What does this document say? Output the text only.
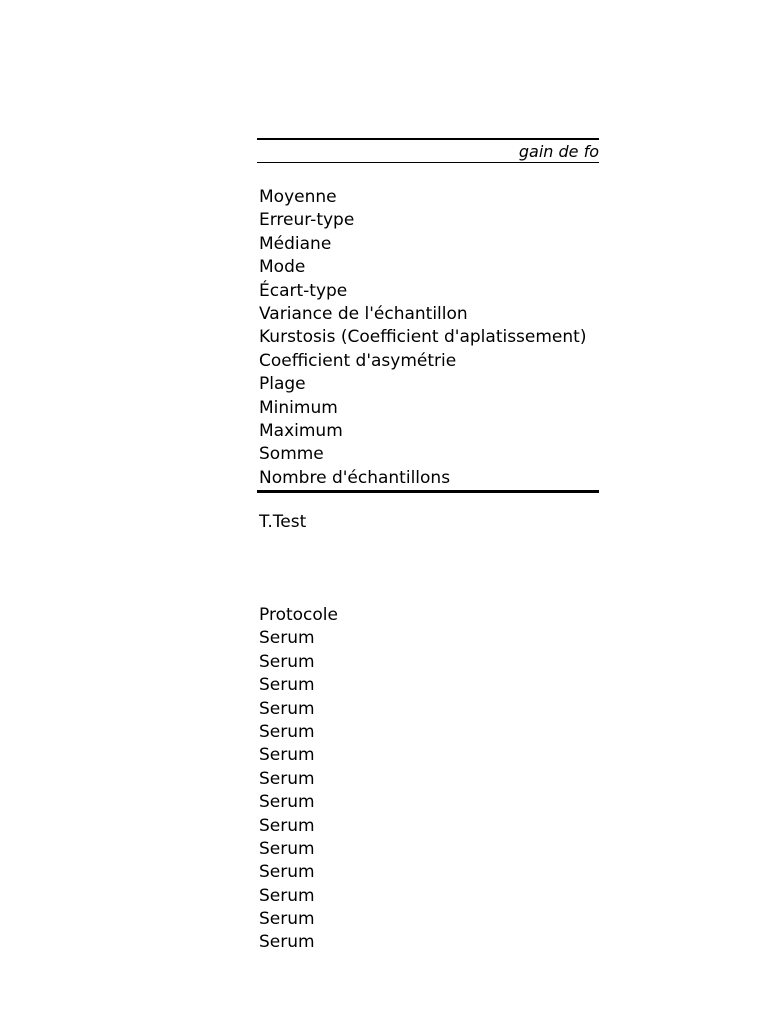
gain de fo
Moyenne
Erreur-type
Médiane
Mode
Écart-type
Variance de l'échantillon
Kurstosis (Coefficient d'aplatissement)
Coefficient d'asymétrie
Plage
Minimum
Maximum
Somme
Nombre d'échantillons
T.Test
Protocole
Serum
Serum
Serum
Serum
Serum
Serum
Serum
Serum
Serum
Serum
Serum
Serum
Serum
Serum
